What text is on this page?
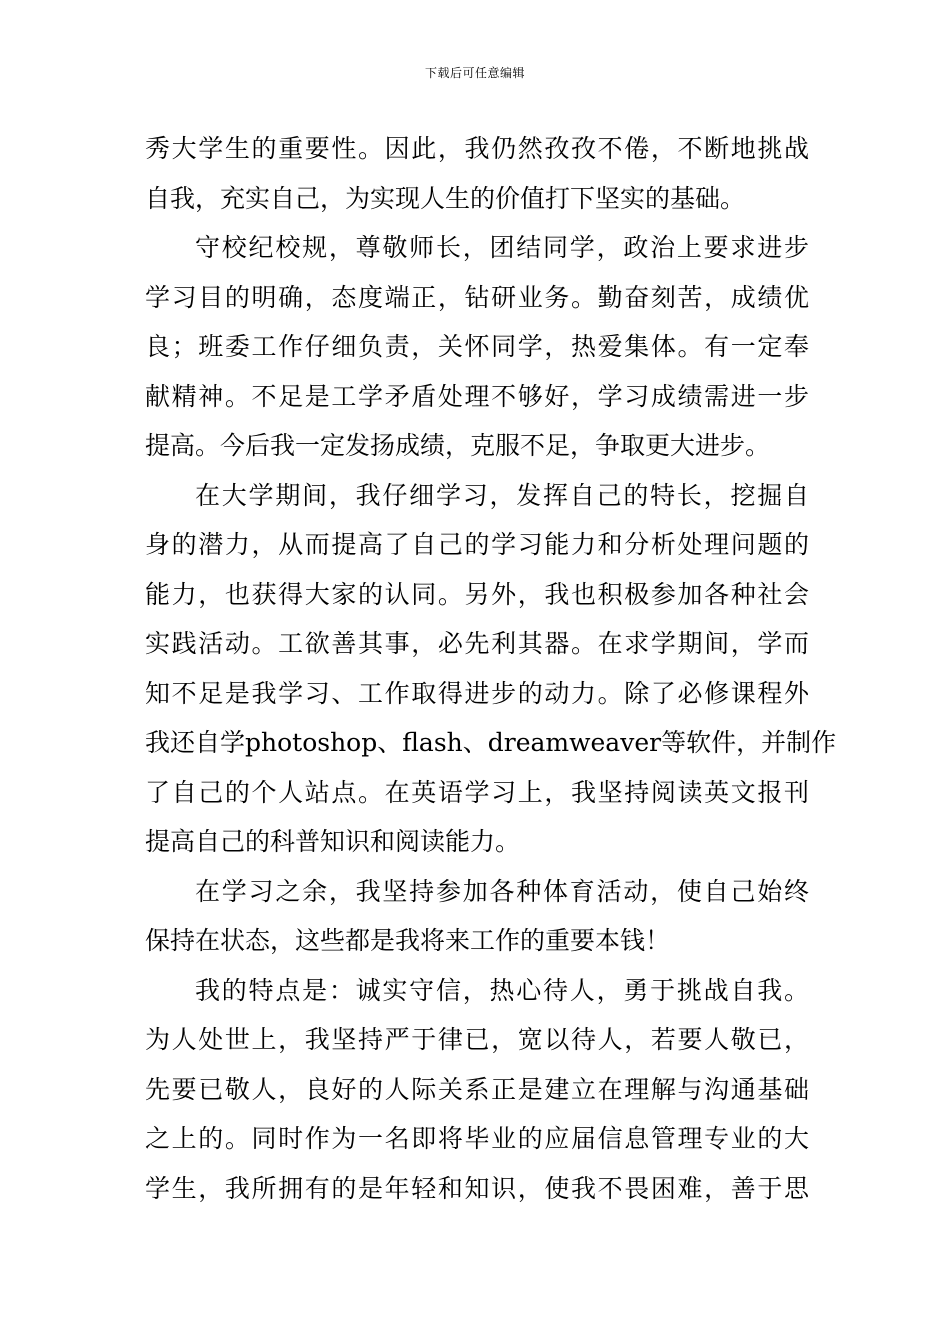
下载后可任意编辑
秀大学生的重要性。因此，我仍然孜孜不倦，不断地挑战
自我，充实自己，为实现人生的价值打下坚实的基础。
守校纪校规，尊敬师长，团结同学，政治上要求进步
学习目的明确，态度端正，钻研业务。勤奋刻苦，成绩优
良；班委工作仔细负责，关怀同学，热爱集体。有一定奉
献精神。不足是工学矛盾处理不够好，学习成绩需进一步
提高。今后我一定发扬成绩，克服不足，争取更大进步。
在大学期间，我仔细学习，发挥自己的特长，挖掘自
身的潜力，从而提高了自己的学习能力和分析处理问题的
能力，也获得大家的认同。另外，我也积极参加各种社会
实践活动。工欲善其事，必先利其器。在求学期间，学而
知不足是我学习、工作取得进步的动力。除了必修课程外
我还自学photoshop、flash、dreamweaver等软件，并制作
了自己的个人站点。在英语学习上，我坚持阅读英文报刊
提高自己的科普知识和阅读能力。
在学习之余，我坚持参加各种体育活动，使自己始终
保持在状态，这些都是我将来工作的重要本钱！
我的特点是：诚实守信，热心待人，勇于挑战自我。
为人处世上，我坚持严于律已，宽以待人，若要人敬已，
先要已敬人，良好的人际关系正是建立在理解与沟通基础
之上的。同时作为一名即将毕业的应届信息管理专业的大
学生，我所拥有的是年轻和知识，使我不畏困难，善于思
